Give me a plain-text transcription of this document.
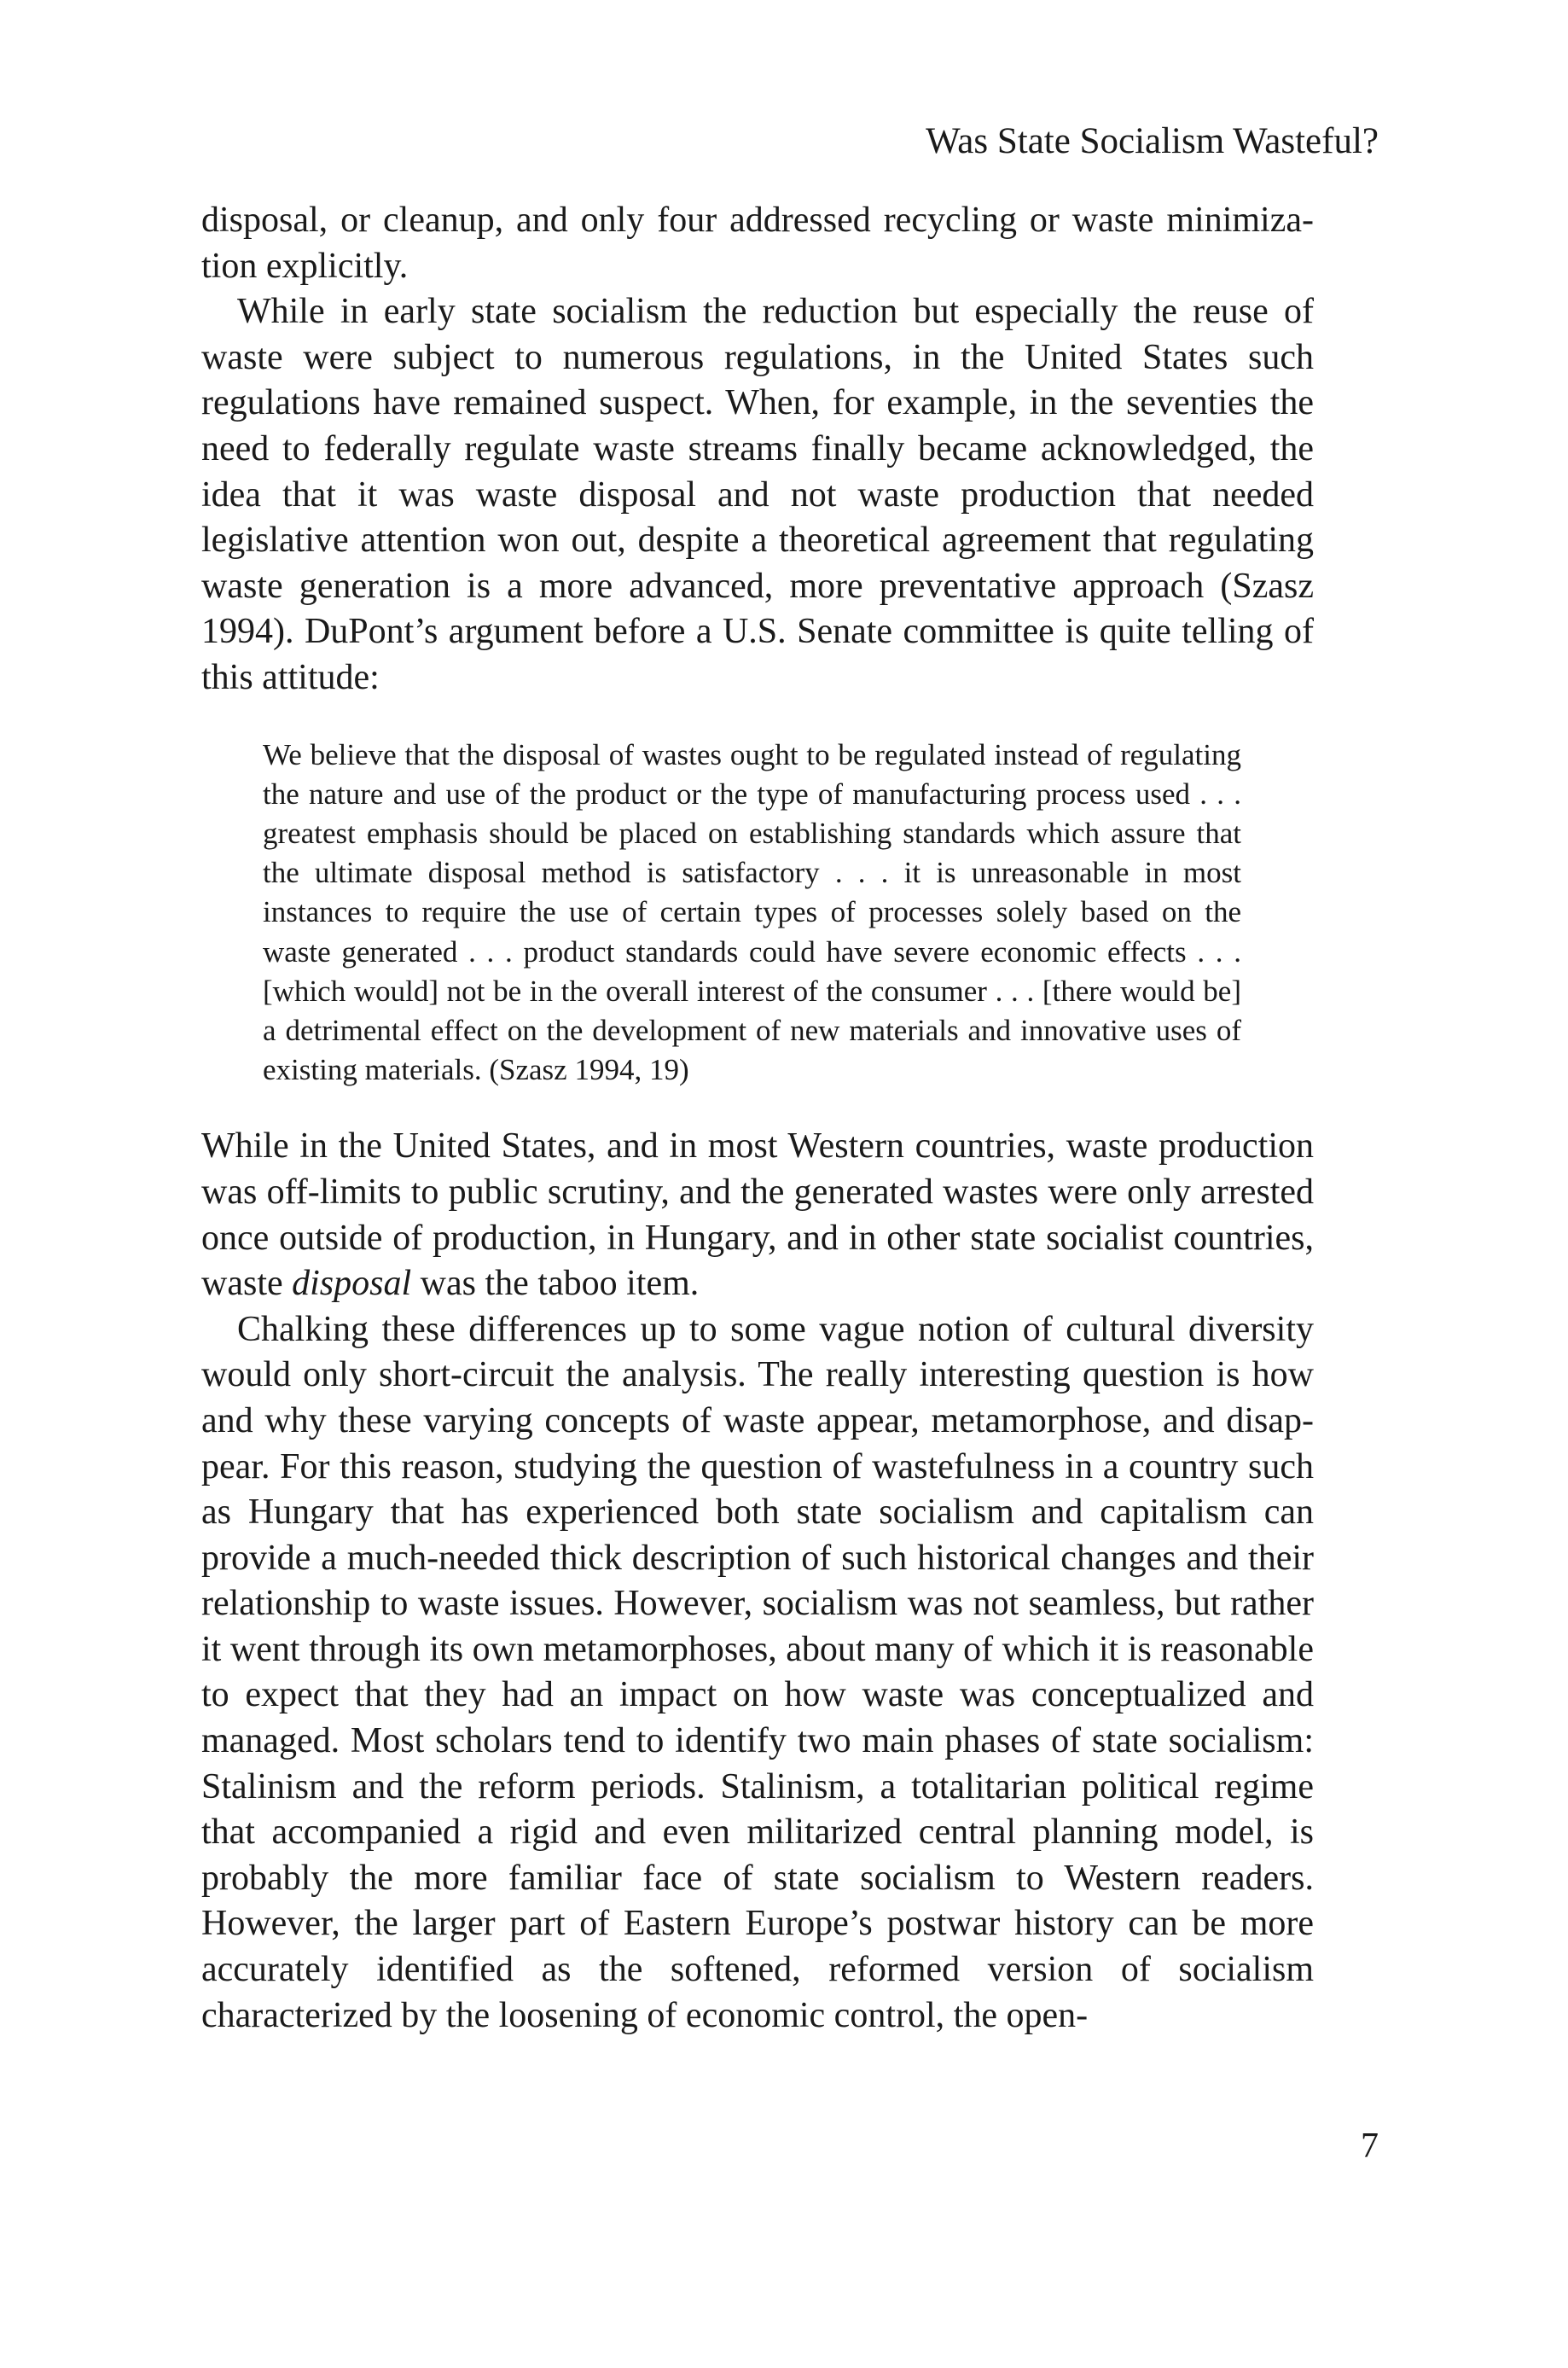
Was State Socialism Wasteful?

disposal, or cleanup, and only four addressed recycling or waste minimization explicitly.

While in early state socialism the reduction but especially the reuse of waste were subject to numerous regulations, in the United States such regulations have remained suspect. When, for example, in the seventies the need to federally regulate waste streams finally became acknowledged, the idea that it was waste disposal and not waste production that needed legislative attention won out, despite a theoretical agreement that regulating waste generation is a more advanced, more preventative approach (Szasz 1994). DuPont’s argument before a U.S. Senate committee is quite telling of this attitude:

We believe that the disposal of wastes ought to be regulated instead of regulating the nature and use of the product or the type of manufacturing process used . . . greatest emphasis should be placed on establishing standards which assure that the ultimate disposal method is satisfactory . . . it is unreasonable in most instances to require the use of certain types of processes solely based on the waste generated . . . product standards could have severe economic effects . . . [which would] not be in the overall interest of the consumer . . . [there would be] a detrimental effect on the development of new materials and innovative uses of existing materials. (Szasz 1994, 19)

While in the United States, and in most Western countries, waste production was off-limits to public scrutiny, and the generated wastes were only arrested once outside of production, in Hungary, and in other state socialist countries, waste disposal was the taboo item.

Chalking these differences up to some vague notion of cultural diversity would only short-circuit the analysis. The really interesting question is how and why these varying concepts of waste appear, metamorphose, and disappear. For this reason, studying the question of wastefulness in a country such as Hungary that has experienced both state socialism and capitalism can provide a much-needed thick description of such historical changes and their relationship to waste issues. However, socialism was not seamless, but rather it went through its own metamorphoses, about many of which it is reasonable to expect that they had an impact on how waste was conceptualized and managed. Most scholars tend to identify two main phases of state socialism: Stalinism and the reform periods. Stalinism, a totalitarian political regime that accompanied a rigid and even militarized central planning model, is probably the more familiar face of state socialism to Western readers. However, the larger part of Eastern Europe’s postwar history can be more accurately identified as the softened, reformed version of socialism characterized by the loosening of economic control, the open-

7
